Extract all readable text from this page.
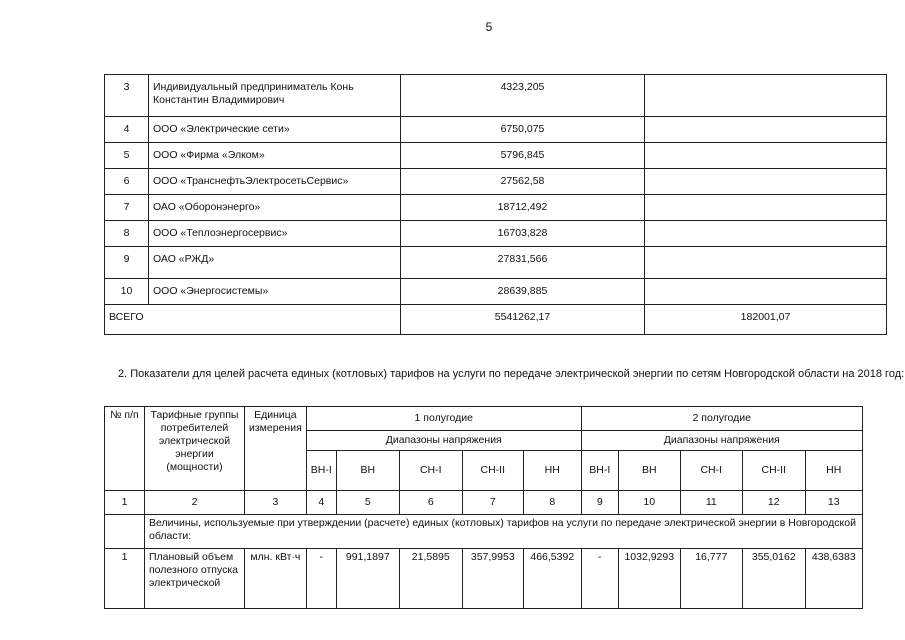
5
3	Индивидуальный предприниматель Конь Константин Владимирович	4323,205	
4	ООО «Электрические сети»	6750,075	
5	ООО «Фирма «Элком»	5796,845	
6	ООО «ТранснефтьЭлектросетьСервис»	27562,58	
7	ОАО «Оборонэнерго»	18712,492	
8	ООО «Теплоэнергосервис»	16703,828	
9	ОАО «РЖД»	27831,566	
10	ООО «Энергосистемы»	28639,885	
ВСЕГО		5541262,17	182001,07
2. Показатели для целей расчета единых (котловых) тарифов на услуги по передаче электрической энергии по сетям Новгородской области на 2018 год:
№ п/п	Тарифные группы потребителей электрической энергии (мощности)	Единица измерения	1 полугодие					2 полугодие				
			Диапазоны напряжения					Диапазоны напряжения				
			ВН-I	ВН	СН-I	СН-II	НН	ВН-I	ВН	СН-I	СН-II	НН
1	2	3	4	5	6	7	8	9	10	11	12	13
	Величины, используемые при утверждении (расчете) единых (котловых) тарифов на услуги по передаче электрической энергии в Новгородской области:											
1	Плановый объем полезного отпуска электрической	млн. кВт·ч	-	991,1897	21,5895	357,9953	466,5392	-	1032,9293	16,777	355,0162	438,6383
